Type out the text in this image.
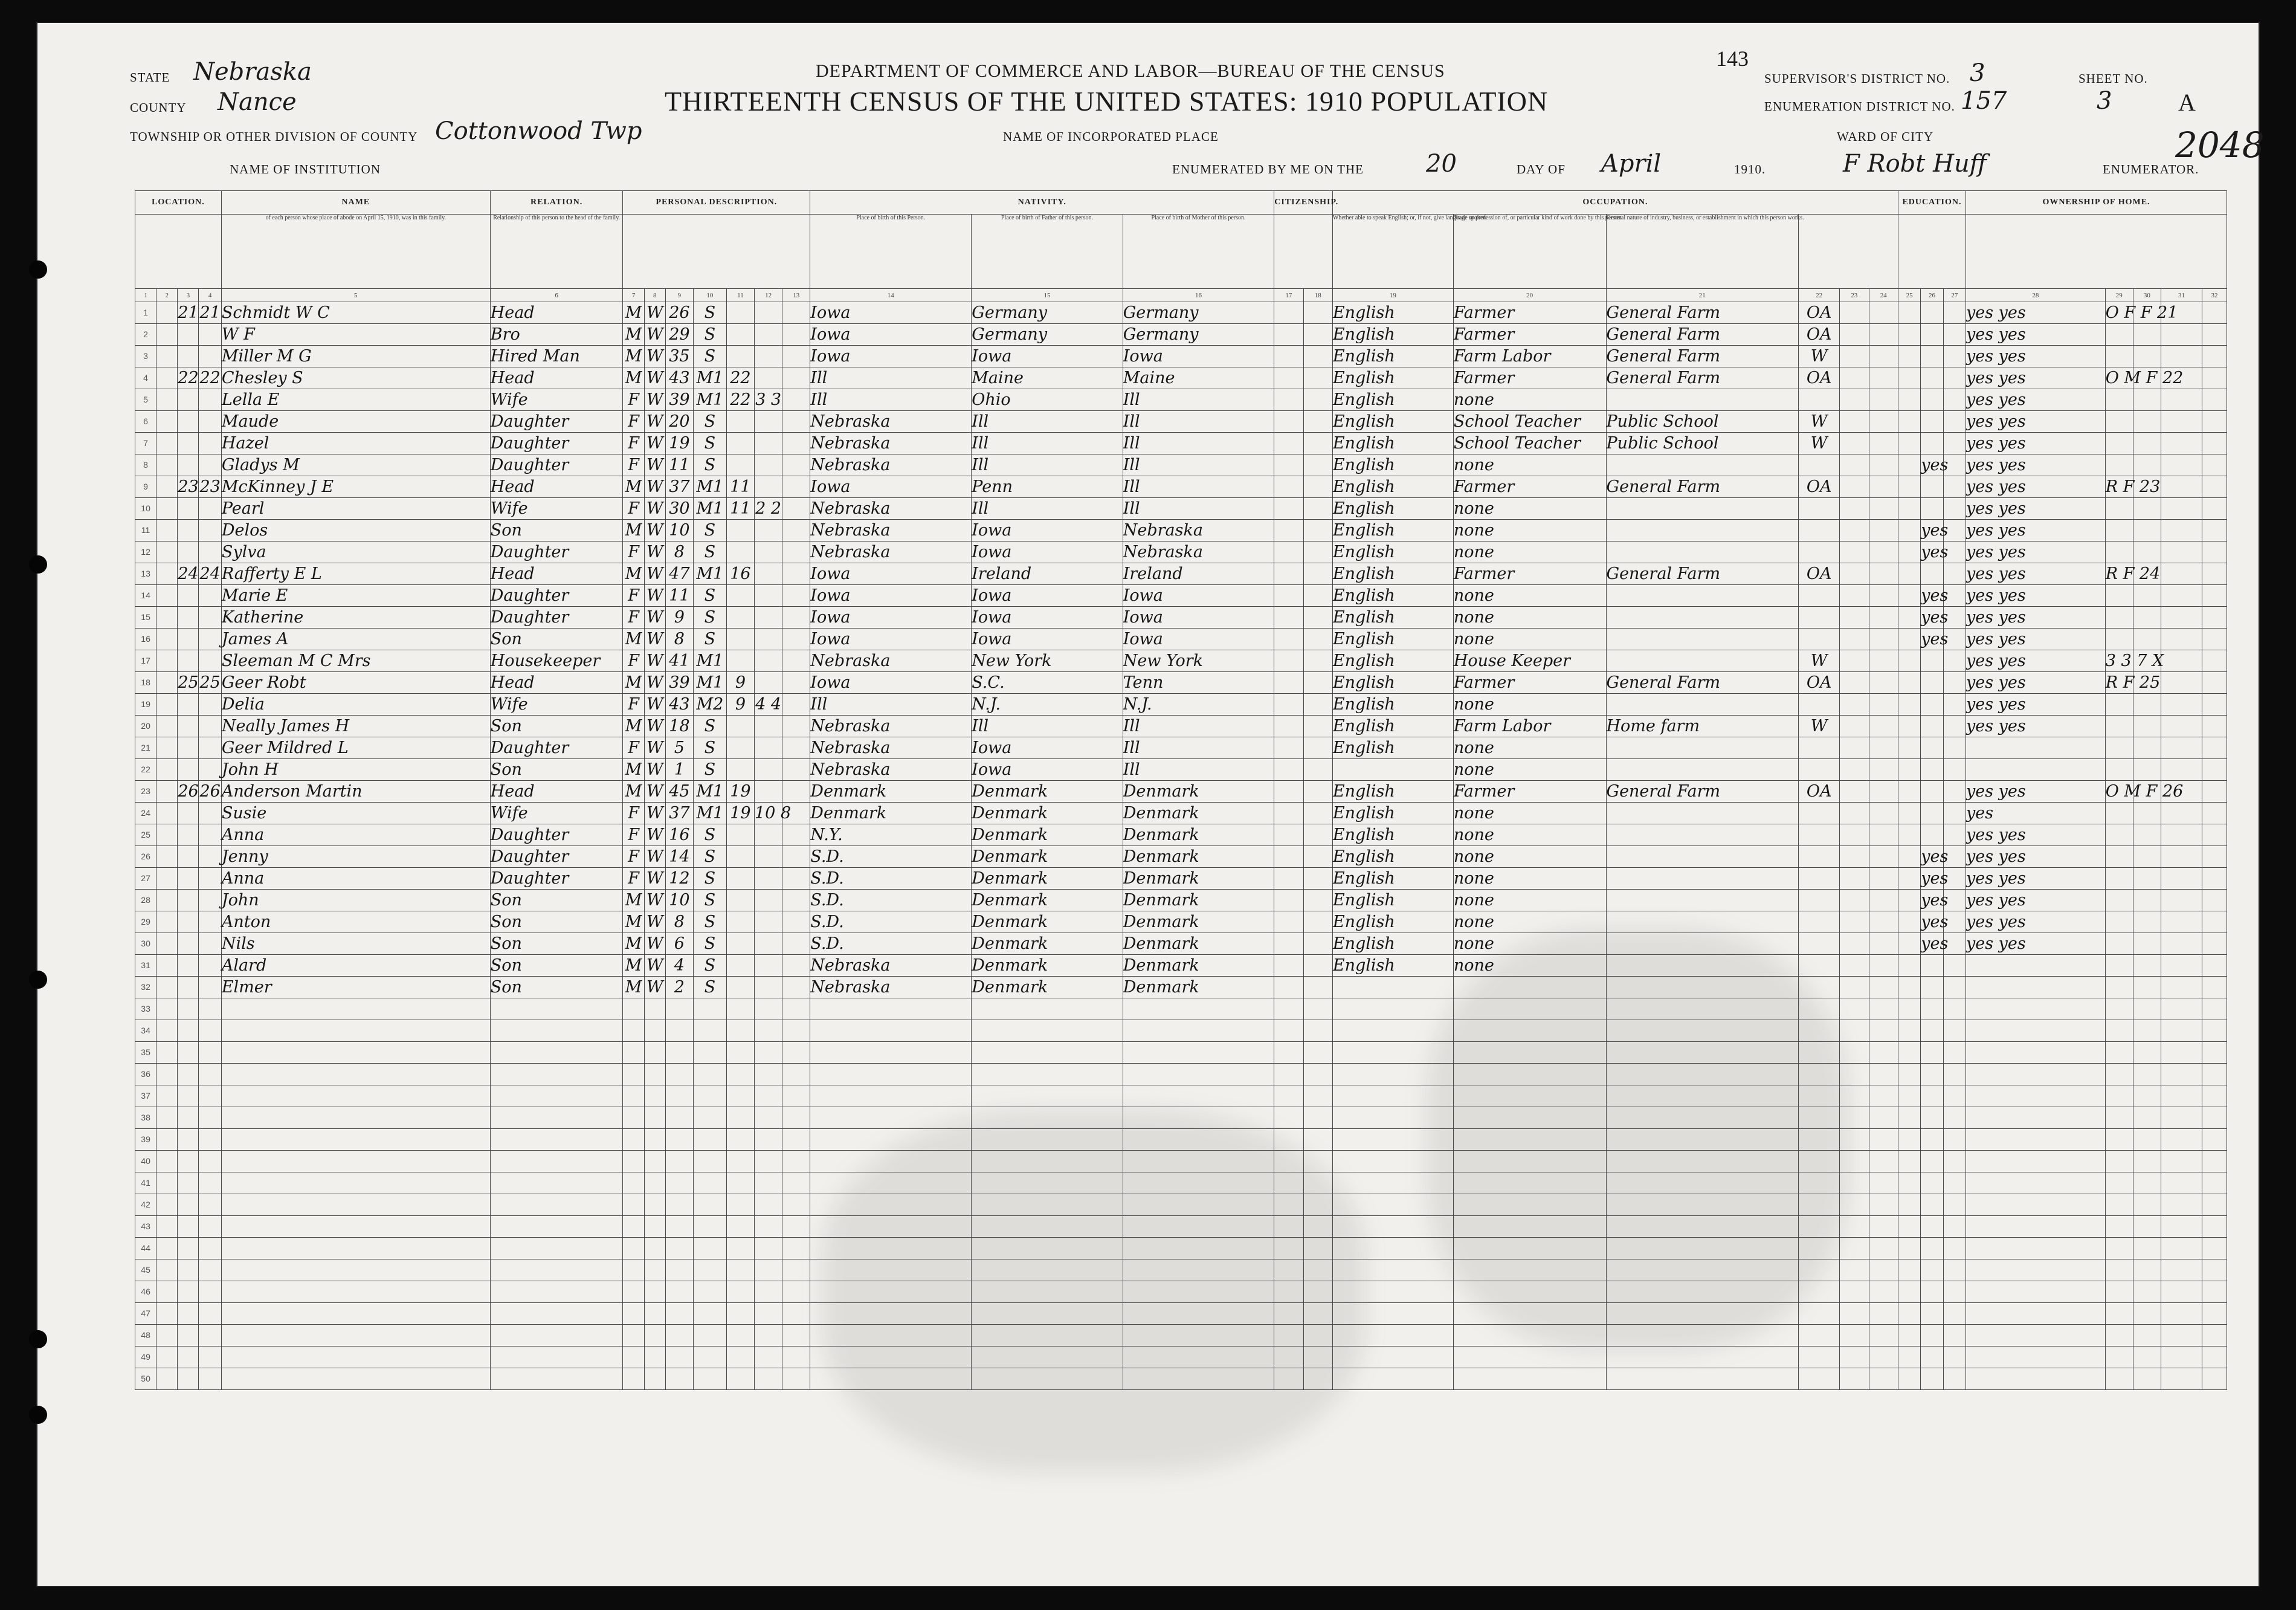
143
DEPARTMENT OF COMMERCE AND LABOR—BUREAU OF THE CENSUS
THIRTEENTH CENSUS OF THE UNITED STATES: 1910 POPULATION
STATE Nebraska
COUNTY Nance
TOWNSHIP OR OTHER DIVISION OF COUNTY Cottonwood Twp	NAME OF INCORPORATED PLACE
NAME OF INSTITUTION
WARD OF CITY
SUPERVISOR'S DISTRICT NO. 3
ENUMERATION DISTRICT NO. 157
SHEET NO.
3	A
2048
ENUMERATED BY ME ON THE	20	DAY OF April	1910.	F Robt Huff	ENUMERATOR.
LOCATION.				NAME	RELATION.	PERSONAL DESCRIPTION.							NATIVITY.			CITIZENSHIP.		OCCUPATION.						EDUCATION.			OWNERSHIP OF HOME.				
				of each person whose place of abode on April 15, 1910, was in this family.	Relationship of this person to the head of the family.								Place of birth of this Person.	Place of birth of Father of this person.	Place of birth of Mother of this person.			Whether able to speak English; or, if not, give language spoken.	Trade or profession of, or particular kind of work done by this person.	General nature of industry, business, or establishment in which this person works.											
1	2	3	4	5	6	7	8	9	10	11	12	13	14	15	16	17	18	19	20	21	22	23	24	25	26	27	28	29	30	31	32
1		21	21	Schmidt W C	Head	M	W	26	S				Iowa	Germany	Germany			English	Farmer	General Farm	OA						yes yes	O F F 21			
2				W F	Bro	M	W	29	S				Iowa	Germany	Germany			English	Farmer	General Farm	OA						yes yes				
3				Miller M G	Hired Man	M	W	35	S				Iowa	Iowa	Iowa			English	Farm Labor	General Farm	W						yes yes				
4		22	22	Chesley S	Head	M	W	43	M1	22			Ill	Maine	Maine			English	Farmer	General Farm	OA						yes yes	O M F 22			
5				Lella E	Wife	F	W	39	M1	22	3 3		Ill	Ohio	Ill			English	none								yes yes				
6				Maude	Daughter	F	W	20	S				Nebraska	Ill	Ill			English	School Teacher	Public School	W						yes yes				
7				Hazel	Daughter	F	W	19	S				Nebraska	Ill	Ill			English	School Teacher	Public School	W						yes yes				
8				Gladys M	Daughter	F	W	11	S				Nebraska	Ill	Ill			English	none						yes		yes yes				
9		23	23	McKinney J E	Head	M	W	37	M1	11			Iowa	Penn	Ill			English	Farmer	General Farm	OA						yes yes	R F 23			
10				Pearl	Wife	F	W	30	M1	11	2 2		Nebraska	Ill	Ill			English	none								yes yes				
11				Delos	Son	M	W	10	S				Nebraska	Iowa	Nebraska			English	none						yes		yes yes				
12				Sylva	Daughter	F	W	8	S				Nebraska	Iowa	Nebraska			English	none						yes		yes yes				
13		24	24	Rafferty E L	Head	M	W	47	M1	16			Iowa	Ireland	Ireland			English	Farmer	General Farm	OA						yes yes	R F 24			
14				Marie E	Daughter	F	W	11	S				Iowa	Iowa	Iowa			English	none						yes		yes yes				
15				Katherine	Daughter	F	W	9	S				Iowa	Iowa	Iowa			English	none						yes		yes yes				
16				James A	Son	M	W	8	S				Iowa	Iowa	Iowa			English	none						yes		yes yes				
17				Sleeman M C Mrs	Housekeeper	F	W	41	M1				Nebraska	New York	New York			English	House Keeper		W						yes yes	3 3 7 X			
18		25	25	Geer Robt	Head	M	W	39	M1	9			Iowa	S.C.	Tenn			English	Farmer	General Farm	OA						yes yes	R F 25			
19				Delia	Wife	F	W	43	M2	9	4 4		Ill	N.J.	N.J.			English	none								yes yes				
20				Neally James H	Son	M	W	18	S				Nebraska	Ill	Ill			English	Farm Labor	Home farm	W						yes yes				
21				Geer Mildred L	Daughter	F	W	5	S				Nebraska	Iowa	Ill			English	none												
22				John H	Son	M	W	1	S				Nebraska	Iowa	Ill				none												
23		26	26	Anderson Martin	Head	M	W	45	M1	19			Denmark	Denmark	Denmark			English	Farmer	General Farm	OA						yes yes	O M F 26			
24				Susie	Wife	F	W	37	M1	19	10 8		Denmark	Denmark	Denmark			English	none								yes				
25				Anna	Daughter	F	W	16	S				N.Y.	Denmark	Denmark			English	none								yes yes				
26				Jenny	Daughter	F	W	14	S				S.D.	Denmark	Denmark			English	none						yes		yes yes				
27				Anna	Daughter	F	W	12	S				S.D.	Denmark	Denmark			English	none						yes		yes yes				
28				John	Son	M	W	10	S				S.D.	Denmark	Denmark			English	none						yes		yes yes				
29				Anton	Son	M	W	8	S				S.D.	Denmark	Denmark			English	none						yes		yes yes				
30				Nils	Son	M	W	6	S				S.D.	Denmark	Denmark			English	none						yes		yes yes				
31				Alard	Son	M	W	4	S				Nebraska	Denmark	Denmark			English	none												
32				Elmer	Son	M	W	2	S				Nebraska	Denmark	Denmark																
33																															
34																															
35																															
36																															
37																															
38																															
39																															
40																															
41																															
42																															
43																															
44																															
45																															
46																															
47																															
48																															
49																															
50																															
